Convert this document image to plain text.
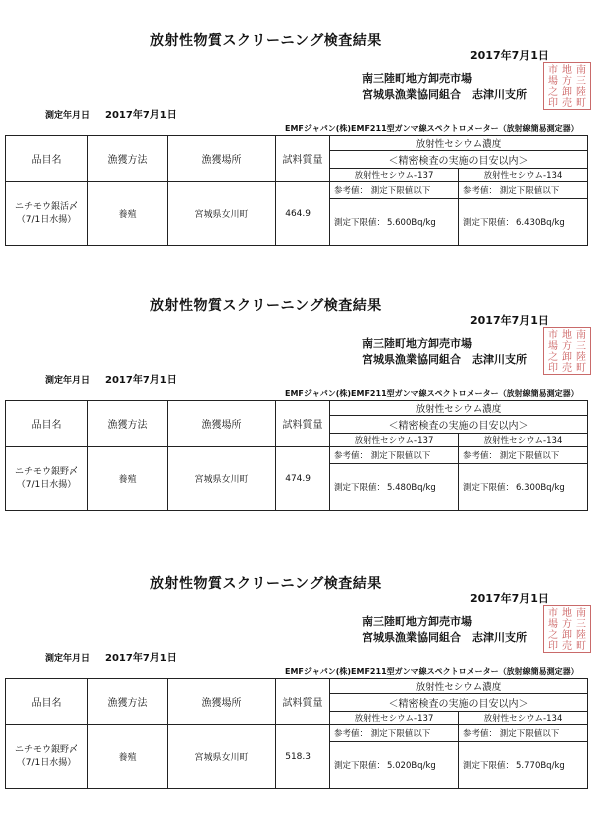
放射性物質スクリーニング検査結果
2017年7月1日
南三陸町地方卸売市場
宮城県漁業協同組合　志津川支所
南
三
陸
町
地
方
卸
売
市
場
之
印
測定年月日 2017年7月1日
EMFジャパン(株)EMF211型ガンマ線スペクトロメーター（放射線簡易測定器）
品目名	漁獲方法	漁獲場所	試料質量	放射性セシウム濃度	
				＜精密検査の実施の目安以内＞	
				放射性セシウム-137	放射性セシウム-134

ニチモウ銀活〆
（7/1日水揚）	養殖	宮城県女川町	464.9	参考値： 測定下限値以下	参考値： 測定下限値以下
				測定下限値： 5.600Bq/kg	測定下限値： 6.430Bq/kg
放射性物質スクリーニング検査結果
2017年7月1日
南三陸町地方卸売市場
宮城県漁業協同組合　志津川支所
南
三
陸
町
地
方
卸
売
市
場
之
印
測定年月日 2017年7月1日
EMFジャパン(株)EMF211型ガンマ線スペクトロメーター（放射線簡易測定器）
品目名	漁獲方法	漁獲場所	試料質量	放射性セシウム濃度	
				＜精密検査の実施の目安以内＞	
				放射性セシウム-137	放射性セシウム-134

ニチモウ銀野〆
（7/1日水揚）	養殖	宮城県女川町	474.9	参考値： 測定下限値以下	参考値： 測定下限値以下
				測定下限値： 5.480Bq/kg	測定下限値： 6.300Bq/kg
放射性物質スクリーニング検査結果
2017年7月1日
南三陸町地方卸売市場
宮城県漁業協同組合　志津川支所
南
三
陸
町
地
方
卸
売
市
場
之
印
測定年月日 2017年7月1日
EMFジャパン(株)EMF211型ガンマ線スペクトロメーター（放射線簡易測定器）
品目名	漁獲方法	漁獲場所	試料質量	放射性セシウム濃度	
				＜精密検査の実施の目安以内＞	
				放射性セシウム-137	放射性セシウム-134

ニチモウ銀野〆
（7/1日水揚）	養殖	宮城県女川町	518.3	参考値： 測定下限値以下	参考値： 測定下限値以下
				測定下限値： 5.020Bq/kg	測定下限値： 5.770Bq/kg
